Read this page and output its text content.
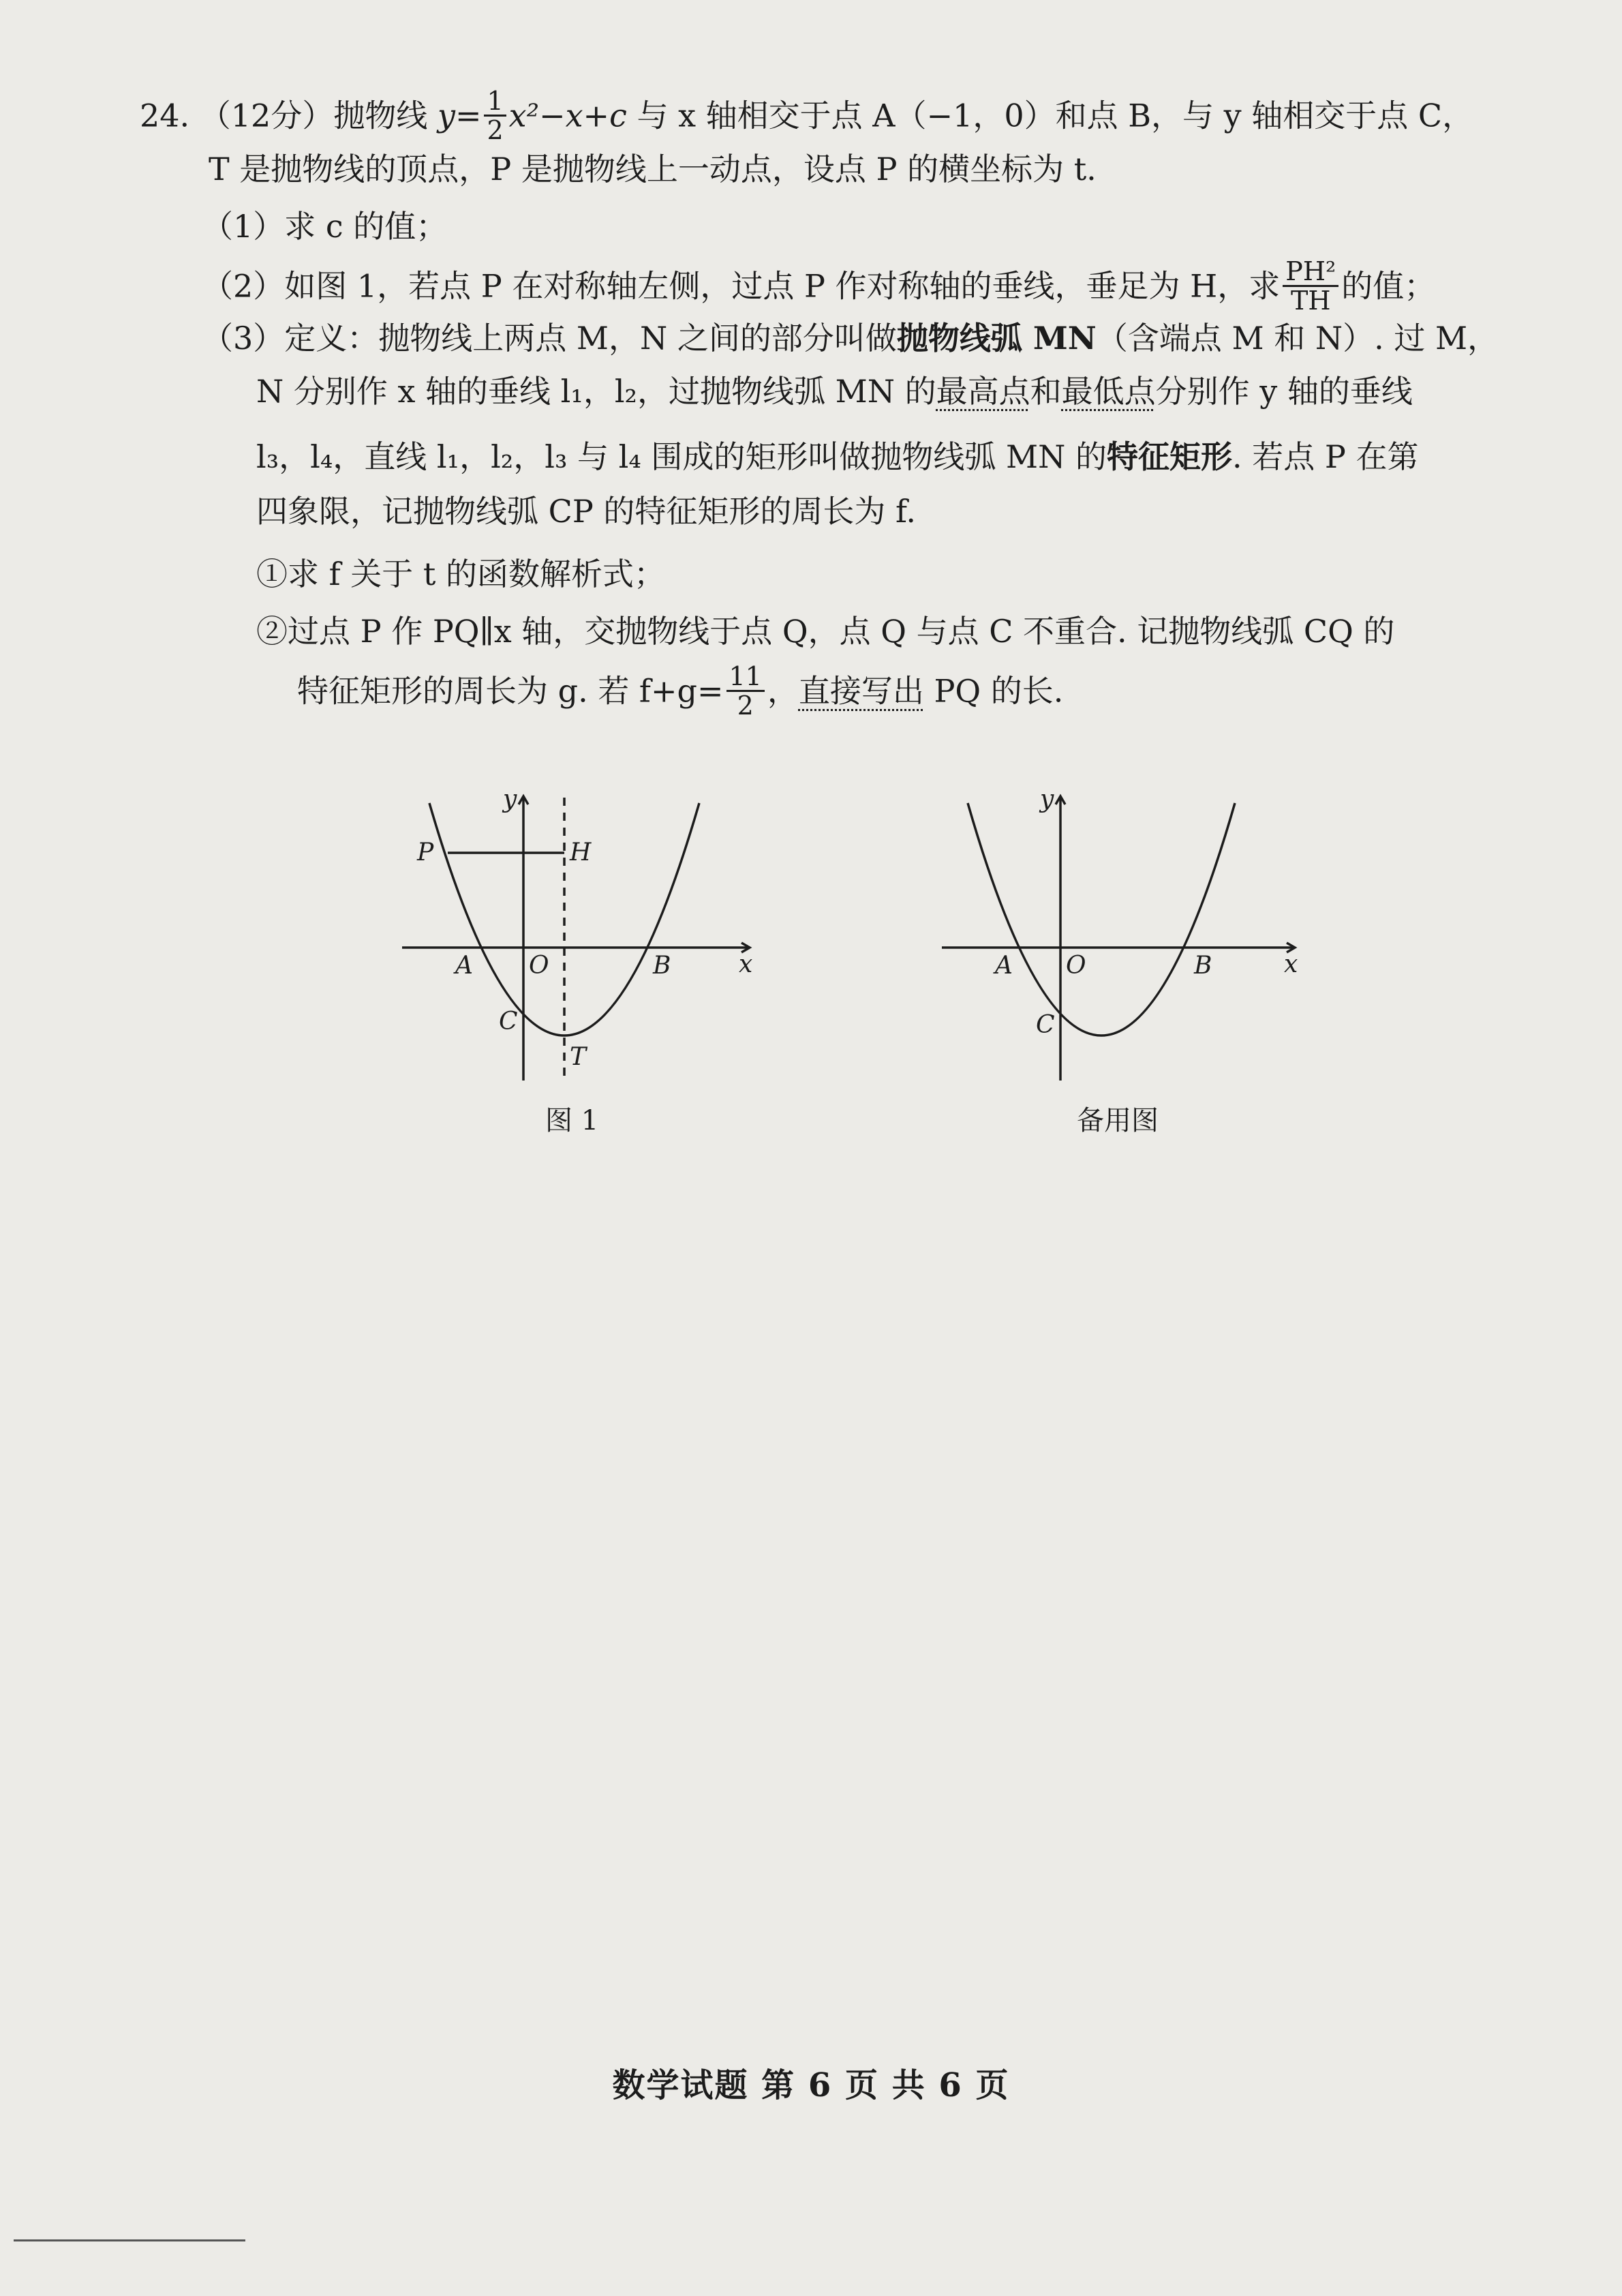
24. （12分）抛物线 $y= \frac{1}{2} x^2-x+c$ 与 x 轴相交于点 A（−1，0）和点 B，与 y 轴相交于点 C，
T 是抛物线的顶点，P 是抛物线上一动点，设点 P 的横坐标为 t.
（1）求 c 的值；
（2）如图 1，若点 P 在对称轴左侧，过点 P 作对称轴的垂线，垂足为 H，求 $\frac{\text{PH²}}{TH}$ 的值；
（3）定义：抛物线上两点 M，N 之间的部分叫做抛物线弧 MN（含端点 M 和 N）. 过 M，
N 分别作 x 轴的垂线 l₁，l₂，过抛物线弧 MN 的最高点和最低点分别作 y 轴的垂线
l₃，l₄，直线 l₁，l₂，l₃ 与 l₄ 围成的矩形叫做抛物线弧 MN 的特征矩形. 若点 P 在第
四象限，记抛物线弧 CP 的特征矩形的周长为 f.
①求 f 关于 t 的函数解析式；
②过点 P 作 PQ∥x 轴，交抛物线于点 Q，点 Q 与点 C 不重合. 记抛物线弧 CQ 的
特征矩形的周长为 g. 若 $f+g= \frac{11}{2}$ ，直接写出 PQ 的长.
y
x
P	H
A O	B
C
T
图 1
y
x
A O	B
C
备用图
数学试题 第 6 页 共 6 页
